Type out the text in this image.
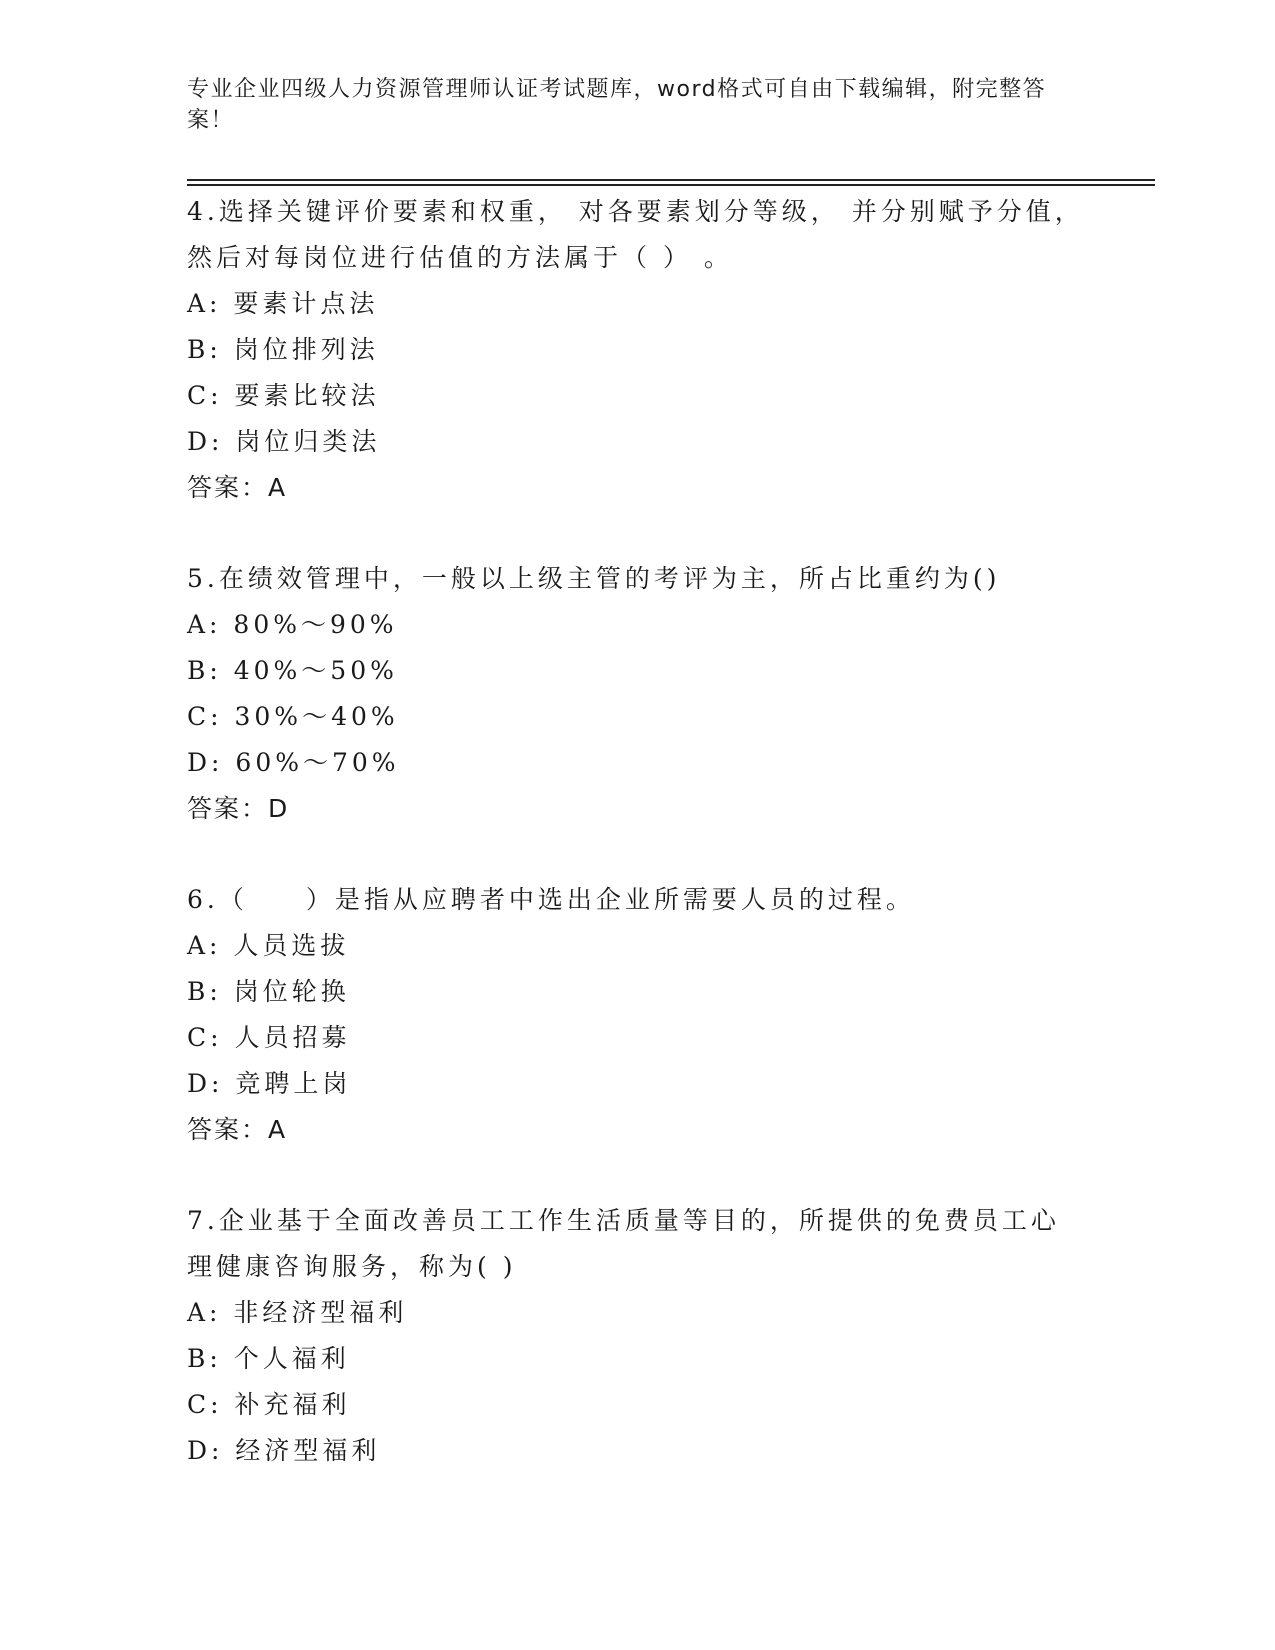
专业企业四级人力资源管理师认证考试题库，word格式可自由下载编辑，附完整答案！
4.选择关键评价要素和权重， 对各要素划分等级， 并分别赋予分值， 然后对每岗位进行估值的方法属于（ ） 。
A: 要素计点法
B: 岗位排列法
C: 要素比较法
D: 岗位归类法
答案：A
5.在绩效管理中，一般以上级主管的考评为主，所占比重约为()
A: 80%～90%
B: 40%～50%
C: 30%～40%
D: 60%～70%
答案：D
6.（　　）是指从应聘者中选出企业所需要人员的过程。
A: 人员选拔
B: 岗位轮换
C: 人员招募
D: 竞聘上岗
答案：A
7.企业基于全面改善员工工作生活质量等目的，所提供的免费员工心理健康咨询服务，称为( )
A: 非经济型福利
B: 个人福利
C: 补充福利
D: 经济型福利
